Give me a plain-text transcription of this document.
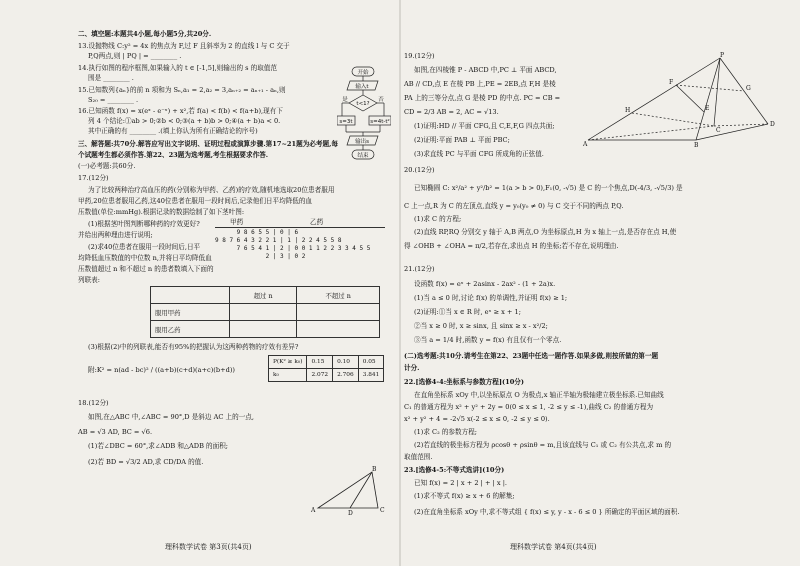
二、填空题:本题共4小题,每小题5分,共20分.
13.设抛物线 C:y² = 4x 的焦点为 F,过 F 且斜率为 2 的直线 l 与 C 交于
P,Q两点,则 | PQ | = ________ .
14.执行如图的程序框图,如果输入的 t ∈ [-1,5],则输出的 s 的取值范
围是 ________ .
15.已知数列{aₙ}的前 n 项和为 Sₙ,a₁ = 2,a₂ = 3,aₙ₊₂ = aₙ₊₁ - aₙ,则
S₂₀ = ________ .
16.已知函数 f(x) = x(eˣ - e⁻ˣ) + x²,若 f(a) < f(b) < f(a+b),现有下
列 4 个结论:①ab > 0;②b < 0;③(a + b)b > 0;④(a + b)a < 0.
其中正确的有 ________ .(填上你认为所有正确结论的序号)
开始
输入t
t<1?
s=3t	s=4t-t²
输出s
结束
是	否
三、解答题:共70分.解答应写出文字说明、证明过程或演算步骤.第17~21题为必考题,每
个试题考生都必须作答.第22、23题为选考题,考生根据要求作答.
(一)必考题:共60分.
17.(12分)
为了比较两种治疗高血压的药(分别称为甲药、乙药)的疗效,随机地选取20位患者服用
甲药,20位患者服用乙药,这40位患者在服用一段时间后,记录他们日平均降低的血
压数值(单位:mmHg).根据记录的数据绘制了如下茎叶图:
(1)根据茎叶图判断哪种药的疗效更好?
并给出两种理由进行说明;
(2)求40位患者在服用一段时间后,日平
均降低血压数值的中位数 n,并将日平均降低血
压数值超过 n 和不超过 n 的患者数填入下面的
列联表:
甲药	乙药
9 8 6 5 5 | 0 | 6
9 8 7 6 4 3 2 2 1 | 1 | 2 2 4 5 5 8
7 6 5 4 1 | 2 | 0 0 1 1 2 2 3 3 4 5 5
2 | 3 | 0 2
	超过 n	不超过 n
服用甲药		
服用乙药		
(3)根据(2)中的列联表,能否有95%的把握认为这两种药物的疗效有差异?
附:K² = n(ad - bc)² / ((a+b)(c+d)(a+c)(b+d))
P(K² ≥ k₀)	0.15	0.10	0.05
k₀	2.072	2.706	3.841
18.(12分)
如图,在△ABC 中,∠ABC = 90°,D 是斜边 AC 上的一点,
AB = √3 AD, BC = √6.
(1)若∠DBC = 60°,求∠ADB 和△ADB 的面积;
(2)若 BD = √3/2 AD,求 CD/DA 的值.
B
A	D	C
理科数学试卷 第3页(共4页)
19.(12分)
如图,在四棱锥 P - ABCD 中,PC ⊥ 平面 ABCD,
AB // CD,点 E 在棱 PB 上,PE = 2EB,点 F,H 是棱
PA 上的三等分点,点 G 是棱 PD 的中点. PC = CB =
CD = 2/3 AB = 2, AC = √13.
(1)证明:HD // 平面 CFG,且 C,E,F,G 四点共面;
(2)证明:平面 PAB ⊥ 平面 PBC;
(3)求直线 PC 与平面 CFG 所成角的正弦值.
P
H
F
G
E
A	B
C
D
20.(12分)
已知椭圆 C: x²/a² + y²/b² = 1(a > b > 0),F₁(0, -√5) 是 C 的一个焦点,D(-4/3, -√5/3) 是
C 上一点,R 为 C 的左顶点,直线 y = y₀(y₀ ≠ 0) 与 C 交于不同的两点 P,Q.
(1)求 C 的方程;
(2)直线 RP,RQ 分别交 y 轴于 A,B 两点,O 为坐标原点,H 为 x 轴上一点,是否存在点 H,使
得 ∠OHB + ∠OHA = π/2,若存在,求出点 H 的坐标;若不存在,说明理由.
21.(12分)
设函数 f(x) = eˣ + 2asinx - 2ax² - (1 + 2a)x.
(1)当 a ≤ 0 时,讨论 f(x) 的单调性,并证明 f(x) ≥ 1;
(2)证明:①当 x ∈ R 时, eˣ ≥ x + 1;
②当 x ≥ 0 时, x ≥ sinx, 且 sinx ≥ x - x²/2;
③当 a = 1/4 时,函数 y = f(x) 有且仅有一个零点.
(二)选考题:共10分.请考生在第22、23题中任选一题作答.如果多做,则按所做的第一题
计分.
22.[选修4-4:坐标系与参数方程](10分)
在直角坐标系 xOy 中,以坐标原点 O 为极点,x 轴正半轴为极轴建立极坐标系.已知曲线
C₁ 的普通方程为 x² + y² + 2y = 0(0 ≤ x ≤ 1, -2 ≤ y ≤ -1),曲线 C₂ 的普通方程为
x² + y² + 4 = -2√5 x(-2 ≤ x ≤ 0, -2 ≤ y ≤ 0).
(1)求 C₂ 的参数方程;
(2)若直线的极坐标方程为 ρcosθ + ρsinθ = m,且该直线与 C₁ 或 C₂ 有公共点,求 m 的
取值范围.
23.[选修4-5:不等式选讲](10分)
已知 f(x) = 2 | x + 2 | + | x |.
(1)求不等式 f(x) ≥ x + 6 的解集;
(2)在直角坐标系 xOy 中,求不等式组 { f(x) ≤ y, y - x - 6 ≤ 0 } 所确定的平面区域的面积.
理科数学试卷 第4页(共4页)
